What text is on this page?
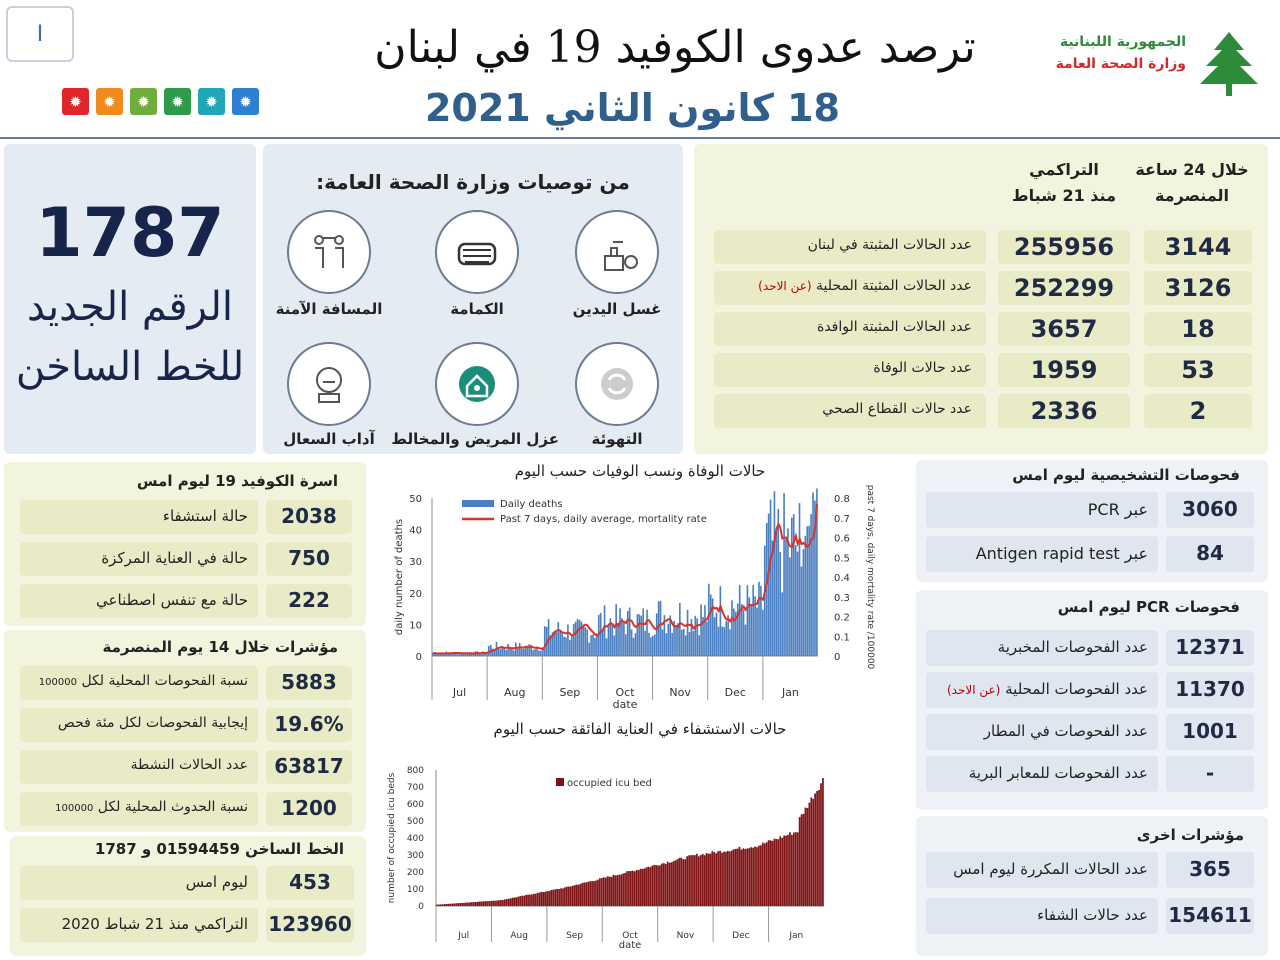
I
✹	✹	✹	✹	✹	✹
ترصد عدوى الكوفيد 19 في لبنان
18 كانون الثاني 2021
الجمهورية اللبنانية
وزارة الصحة العامة
1787
الرقم الجديد
للخط الساخن
من توصيات وزارة الصحة العامة:
غسل اليدين
الكمامة
المسافة الآمنة
التهوئة
عزل المريض والمخالط
آداب السعال
خلال 24 ساعة
المنصرمة
التراكمي
منذ 21 شباط
عدد الحالات المثبتة في لبنان	255956	3144
عدد الحالات المثبتة المحلية (عن الاحد)	252299	3126
عدد الحالات المثبتة الوافدة	3657	18
عدد حالات الوفاة	1959	53
عدد حالات القطاع الصحي	2336	2
اسرة الكوفيد 19 ليوم امس
حالة استشفاء	2038
حالة في العناية المركزة	750
حالة مع تنفس اصطناعي	222
مؤشرات خلال 14 يوم المنصرمة
نسبة الفحوصات المحلية لكل 100000	5883
إيجابية الفحوصات لكل مئة فحص	19.6%
عدد الحالات النشطة	63817
نسبة الحدوث المحلية لكل 100000	1200
الخط الساخن 01594459 و 1787
ليوم امس	453
التراكمي منذ 21 شباط 2020 123960
فحوصات التشخيصية ليوم امس
عبر PCR	3060
عبر Antigen rapid test	84
فحوصات PCR ليوم امس
عدد الفحوصات المخبرية	12371
عدد الفحوصات المحلية (عن الاحد)	11370
عدد الفحوصات في المطار	1001
عدد الفحوصات للمعابر البرية	-
مؤشرات اخرى
عدد الحالات المكررة ليوم امس	365
عدد حالات الشفاء 154611
حالات الوفاة ونسب الوفيات حسب اليوم
0
10
20
30
40
50
0
0.1
0.2
0.3
0.4
0.5
0.6
0.7
0.8
daily number of deaths	past 7 days, daily mortality rate /100000
Jul	Aug	Sep	Oct	Nov	Dec	Jan
date
Daily deaths
Past 7 days, daily average, mortality rate
حالات الاستشفاء في العناية الفائقة حسب اليوم
0
100
200
300
400
500
600
700
800
number of occupied icu beds
Jul	Aug	Sep	Oct	Nov	Dec	Jan
date
occupied icu bed
